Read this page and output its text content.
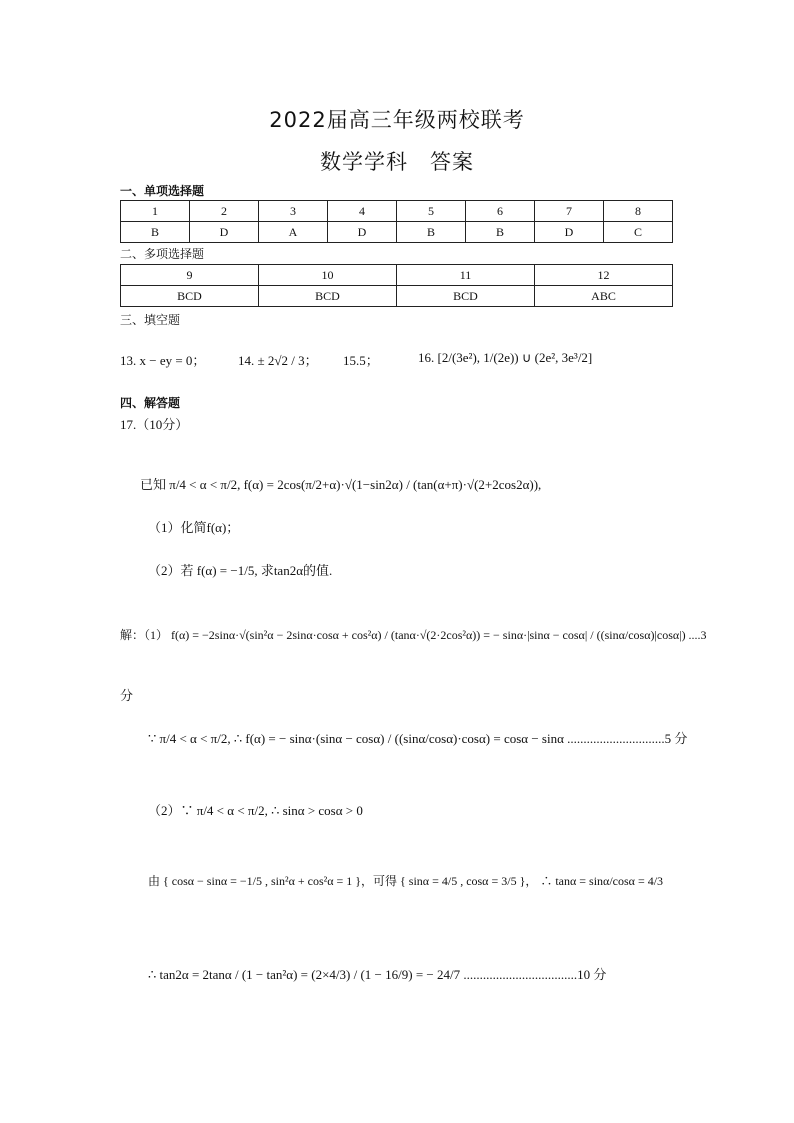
2022届高三年级两校联考
数学学科　答案
一、单项选择题
1	2	3	4	5	6	7	8
B	D	A	D	B	B	D	C
二、多项选择题
9	10	11	12
BCD	BCD	BCD	ABC
三、填空题
13. x − ey = 0；	14. ± 2√2 / 3； 15.5；	16. [2/(3e²), 1/(2e)) ∪ (2e², 3e³/2]
四、解答题
17.（10分）
已知 π/4 < α < π/2, f(α) = 2cos(π/2+α)·√(1−sin2α) / (tan(α+π)·√(2+2cos2α)),
（1）化简f(α)；
（2）若 f(α) = −1/5, 求tan2α的值.
解：（1） f(α) = −2sinα·√(sin²α − 2sinα·cosα + cos²α) / (tanα·√(2·2cos²α)) = − sinα·|sinα − cosα| / ((sinα/cosα)|cosα|) ....3
分
∵ π/4 < α < π/2, ∴ f(α) = − sinα·(sinα − cosα) / ((sinα/cosα)·cosα) = cosα − sinα ..............................5 分
（2）∵ π/4 < α < π/2, ∴ sinα > cosα > 0
由 { cosα − sinα = −1/5 , sin²α + cos²α = 1 }，可得 { sinα = 4/5 , cosα = 3/5 }， ∴ tanα = sinα/cosα = 4/3
∴ tan2α = 2tanα / (1 − tan²α) = (2×4/3) / (1 − 16/9) = − 24/7 ...................................10 分
